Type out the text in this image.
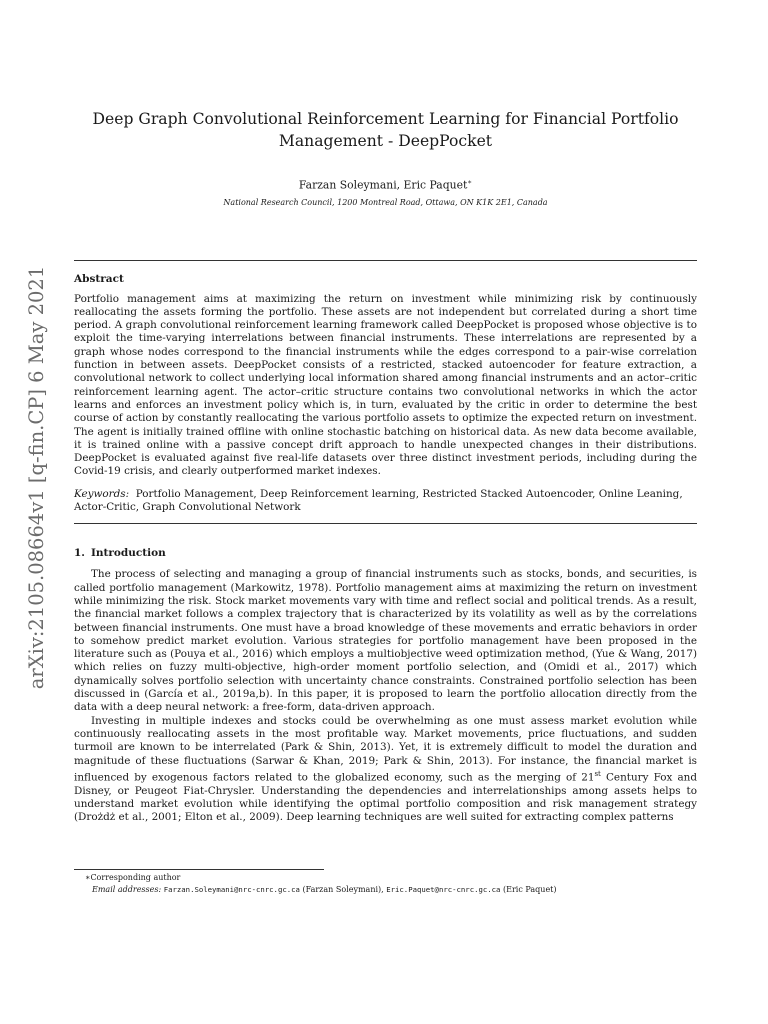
arXiv:2105.08664v1 [q-fin.CP] 6 May 2021
Deep Graph Convolutional Reinforcement Learning for Financial Portfolio
Management - DeepPocket
Farzan Soleymani, Eric Paquet∗
National Research Council, 1200 Montreal Road, Ottawa, ON K1K 2E1, Canada
Abstract

Portfolio management aims at maximizing the return on investment while minimizing risk by continuously reallocating the assets forming the portfolio. These assets are not independent but correlated during a short time period. A graph convolutional reinforcement learning framework called DeepPocket is proposed whose objective is to exploit the time-varying interrelations between financial instruments. These interrelations are represented by a graph whose nodes correspond to the financial instruments while the edges correspond to a pair-wise correlation function in between assets. DeepPocket consists of a restricted, stacked autoencoder for feature extraction, a convolutional network to collect underlying local information shared among financial instruments and an actor–critic reinforcement learning agent. The actor–critic structure contains two convolutional networks in which the actor learns and enforces an investment policy which is, in turn, evaluated by the critic in order to determine the best course of action by constantly reallocating the various portfolio assets to optimize the expected return on investment. The agent is initially trained offline with online stochastic batching on historical data. As new data become available, it is trained online with a passive concept drift approach to handle unexpected changes in their distributions. DeepPocket is evaluated against five real-life datasets over three distinct investment periods, including during the Covid-19 crisis, and clearly outperformed market indexes.

Keywords: Portfolio Management, Deep Reinforcement learning, Restricted Stacked Autoencoder, Online Leaning, Actor-Critic, Graph Convolutional Network
1. Introduction

The process of selecting and managing a group of financial instruments such as stocks, bonds, and securities, is called portfolio management (Markowitz, 1978). Portfolio management aims at maximizing the return on investment while minimizing the risk. Stock market movements vary with time and reflect social and political trends. As a result, the financial market follows a complex trajectory that is characterized by its volatility as well as by the correlations between financial instruments. One must have a broad knowledge of these movements and erratic behaviors in order to somehow predict market evolution. Various strategies for portfolio management have been proposed in the literature such as (Pouya et al., 2016) which employs a multiobjective weed optimization method, (Yue & Wang, 2017) which relies on fuzzy multi-objective, high-order moment portfolio selection, and (Omidi et al., 2017) which dynamically solves portfolio selection with uncertainty chance constraints. Constrained portfolio selection has been discussed in (García et al., 2019a,b). In this paper, it is proposed to learn the portfolio allocation directly from the data with a deep neural network: a free-form, data-driven approach.

Investing in multiple indexes and stocks could be overwhelming as one must assess market evolution while continuously reallocating assets in the most profitable way. Market movements, price fluctuations, and sudden turmoil are known to be interrelated (Park & Shin, 2013). Yet, it is extremely difficult to model the duration and magnitude of these fluctuations (Sarwar & Khan, 2019; Park & Shin, 2013). For instance, the financial market is influenced by exogenous factors related to the globalized economy, such as the merging of 21st Century Fox and Disney, or Peugeot Fiat-Chrysler. Understanding the dependencies and interrelationships among assets helps to understand market evolution while identifying the optimal portfolio composition and risk management strategy (Drożdż et al., 2001; Elton et al., 2009). Deep learning techniques are well suited for extracting complex patterns

∗Corresponding author
Email addresses: Farzan.Soleymani@nrc-cnrc.gc.ca (Farzan Soleymani), Eric.Paquet@nrc-cnrc.gc.ca (Eric Paquet)
